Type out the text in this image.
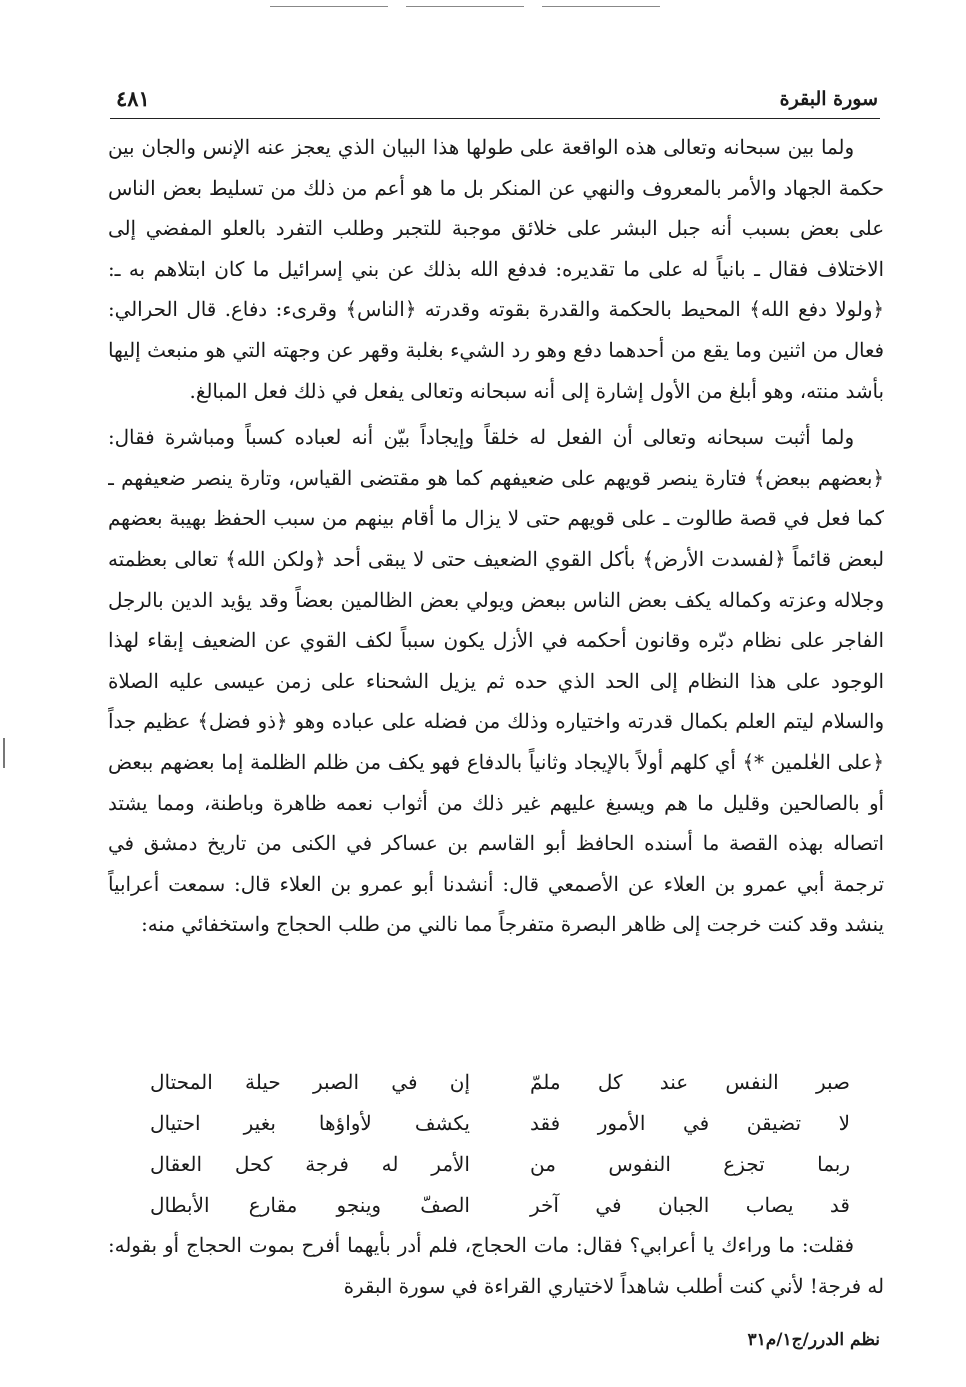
سورة البقرة
٤٨١

ولما بين سبحانه وتعالى هذه الواقعة على طولها هذا البيان الذي يعجز عنه الإنس والجان بين حكمة الجهاد والأمر بالمعروف والنهي عن المنكر بل ما هو أعم من ذلك من تسليط بعض الناس على بعض بسبب أنه جبل البشر على خلائق موجبة للتجبر وطلب التفرد بالعلو المفضي إلى الاختلاف فقال ـ بانياً له على ما تقديره: فدفع الله بذلك عن بني إسرائيل ما كان ابتلاهم به ـ: ﴿ولولا دفع الله﴾ المحيط بالحكمة والقدرة بقوته وقدرته ﴿الناس﴾ وقرىء: دفاع. قال الحرالي: فعال من اثنين وما يقع من أحدهما دفع وهو رد الشيء بغلبة وقهر عن وجهته التي هو منبعث إليها بأشد منته، وهو أبلغ من الأول إشارة إلى أنه سبحانه وتعالى يفعل في ذلك فعل المبالغ.

ولما أثبت سبحانه وتعالى أن الفعل له خلقاً وإيجاداً بيّن أنه لعباده كسباً ومباشرة فقال: ﴿بعضهم ببعض﴾ فتارة ينصر قويهم على ضعيفهم كما هو مقتضى القياس، وتارة ينصر ضعيفهم ـ كما فعل في قصة طالوت ـ على قويهم حتى لا يزال ما أقام بينهم من سبب الحفظ بهيبة بعضهم لبعض قائماً ﴿لفسدت الأرض﴾ بأكل القوي الضعيف حتى لا يبقى أحد ﴿ولكن الله﴾ تعالى بعظمته وجلاله وعزته وكماله يكف بعض الناس ببعض ويولي بعض الظالمين بعضاً وقد يؤيد الدين بالرجل الفاجر على نظام دبّره وقانون أحكمه في الأزل يكون سبباً لكف القوي عن الضعيف إبقاء لهذا الوجود على هذا النظام إلى الحد الذي حده ثم يزيل الشحناء على زمن عيسى عليه الصلاة والسلام ليتم العلم بكمال قدرته واختياره وذلك من فضله على عباده وهو ﴿ذو فضل﴾ عظيم جداً ﴿على العٰلمين *﴾ أي كلهم أولاً بالإيجاد وثانياً بالدفاع فهو يكف من ظلم الظلمة إما بعضهم ببعض أو بالصالحين وقليل ما هم ويسبغ عليهم غير ذلك من أثواب نعمه ظاهرة وباطنة، ومما يشتد اتصاله بهذه القصة ما أسنده الحافظ أبو القاسم بن عساكر في الكنى من تاريخ دمشق في ترجمة أبي عمرو بن العلاء عن الأصمعي قال: أنشدنا أبو عمرو بن العلاء قال: سمعت أعرابياً ينشد وقد كنت خرجت إلى ظاهر البصرة متفرجاً مما نالني من طلب الحجاج واستخفائي منه:

صبر النفس عند كل ملمّ
إن في الصبر حيلة المحتال
لا تضيقن في الأمور فقد
يكشف لأواؤها بغير احتيال
ربما تجزع النفوس من
الأمر له فرجة كحل العقال
قد يصاب الجبان في آخر
الصفّ وينجو مقارع الأبطال

فقلت: ما وراءك يا أعرابي؟ فقال: مات الحجاج، فلم أدر بأيهما أفرح بموت الحجاج أو بقوله: له فرجة! لأني كنت أطلب شاهداً لاختياري القراءة في سورة البقرة

نظم الدرر/ج١/م٣١
